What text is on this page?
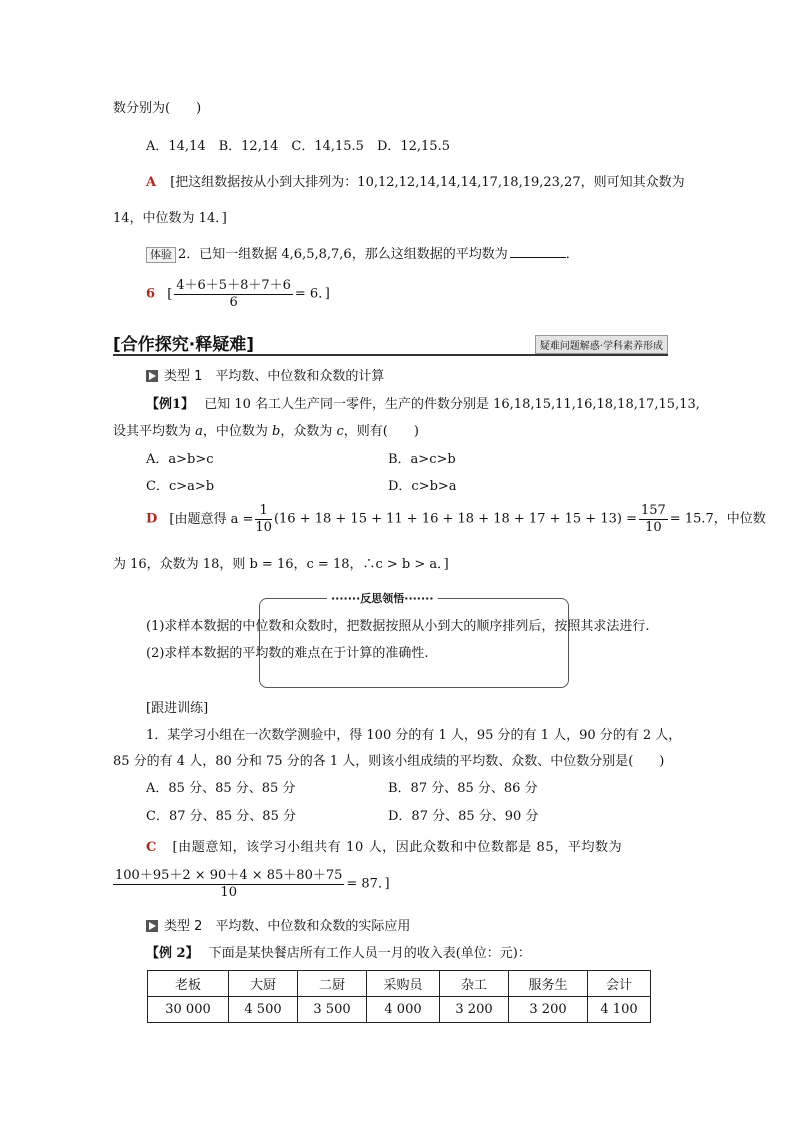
数分别为(　　)
A．14,14　B．12,14　C．14,15.5　D．12,15.5
A [把这组数据按从小到大排列为：10,12,12,14,14,14,17,18,19,23,27，则可知其众数为
14，中位数为 14．]
体验 2．已知一组数据 4,6,5,8,7,6，那么这组数据的平均数为	．
6 [ $\frac{4+6+5+8+7+6}{6} = 6$．]
[合作探究·释疑难]	疑难问题解惑·学科素养形成
类型 1　平均数、中位数和众数的计算
【例1】 已知 10 名工人生产同一零件，生产的件数分别是 16,18,15,11,16,18,18,17,15,13,
设其平均数为 a，中位数为 b，众数为 c，则有(　　)
A．a>b>c	B．a>c>b
C．c>a>b	D．c>b>a
D [由题意得 $a = \frac{1}{10} (16 + 18 + 15 + 11 + 16 + 18 + 18 + 17 + 15 + 13) = \frac{157}{10} = 15.7$，中位数
为 16，众数为 18，则 b = 16，c = 18，∴c > b > a．]
·······反思领悟·······
(1)求样本数据的中位数和众数时，把数据按照从小到大的顺序排列后，按照其求法进行.
(2)求样本数据的平均数的难点在于计算的准确性.
[跟进训练]
1．某学习小组在一次数学测验中，得 100 分的有 1 人，95 分的有 1 人，90 分的有 2 人，
85 分的有 4 人，80 分和 75 分的各 1 人，则该小组成绩的平均数、众数、中位数分别是(　　)
A．85 分、85 分、85 分	B．87 分、85 分、86 分
C．87 分、85 分、85 分	D．87 分、85 分、90 分
C [由题意知，该学习小组共有 10 人，因此众数和中位数都是 85，平均数为
$\frac{100+95+2 \times 90+4 \times 85+80+75}{10} = 87$．]
类型 2　平均数、中位数和众数的实际应用
【例 2】 下面是某快餐店所有工作人员一月的收入表(单位：元)：
老板	大厨	二厨	采购员	杂工	服务生	会计
30 000	4 500	3 500	4 000	3 200	3 200	4 100
